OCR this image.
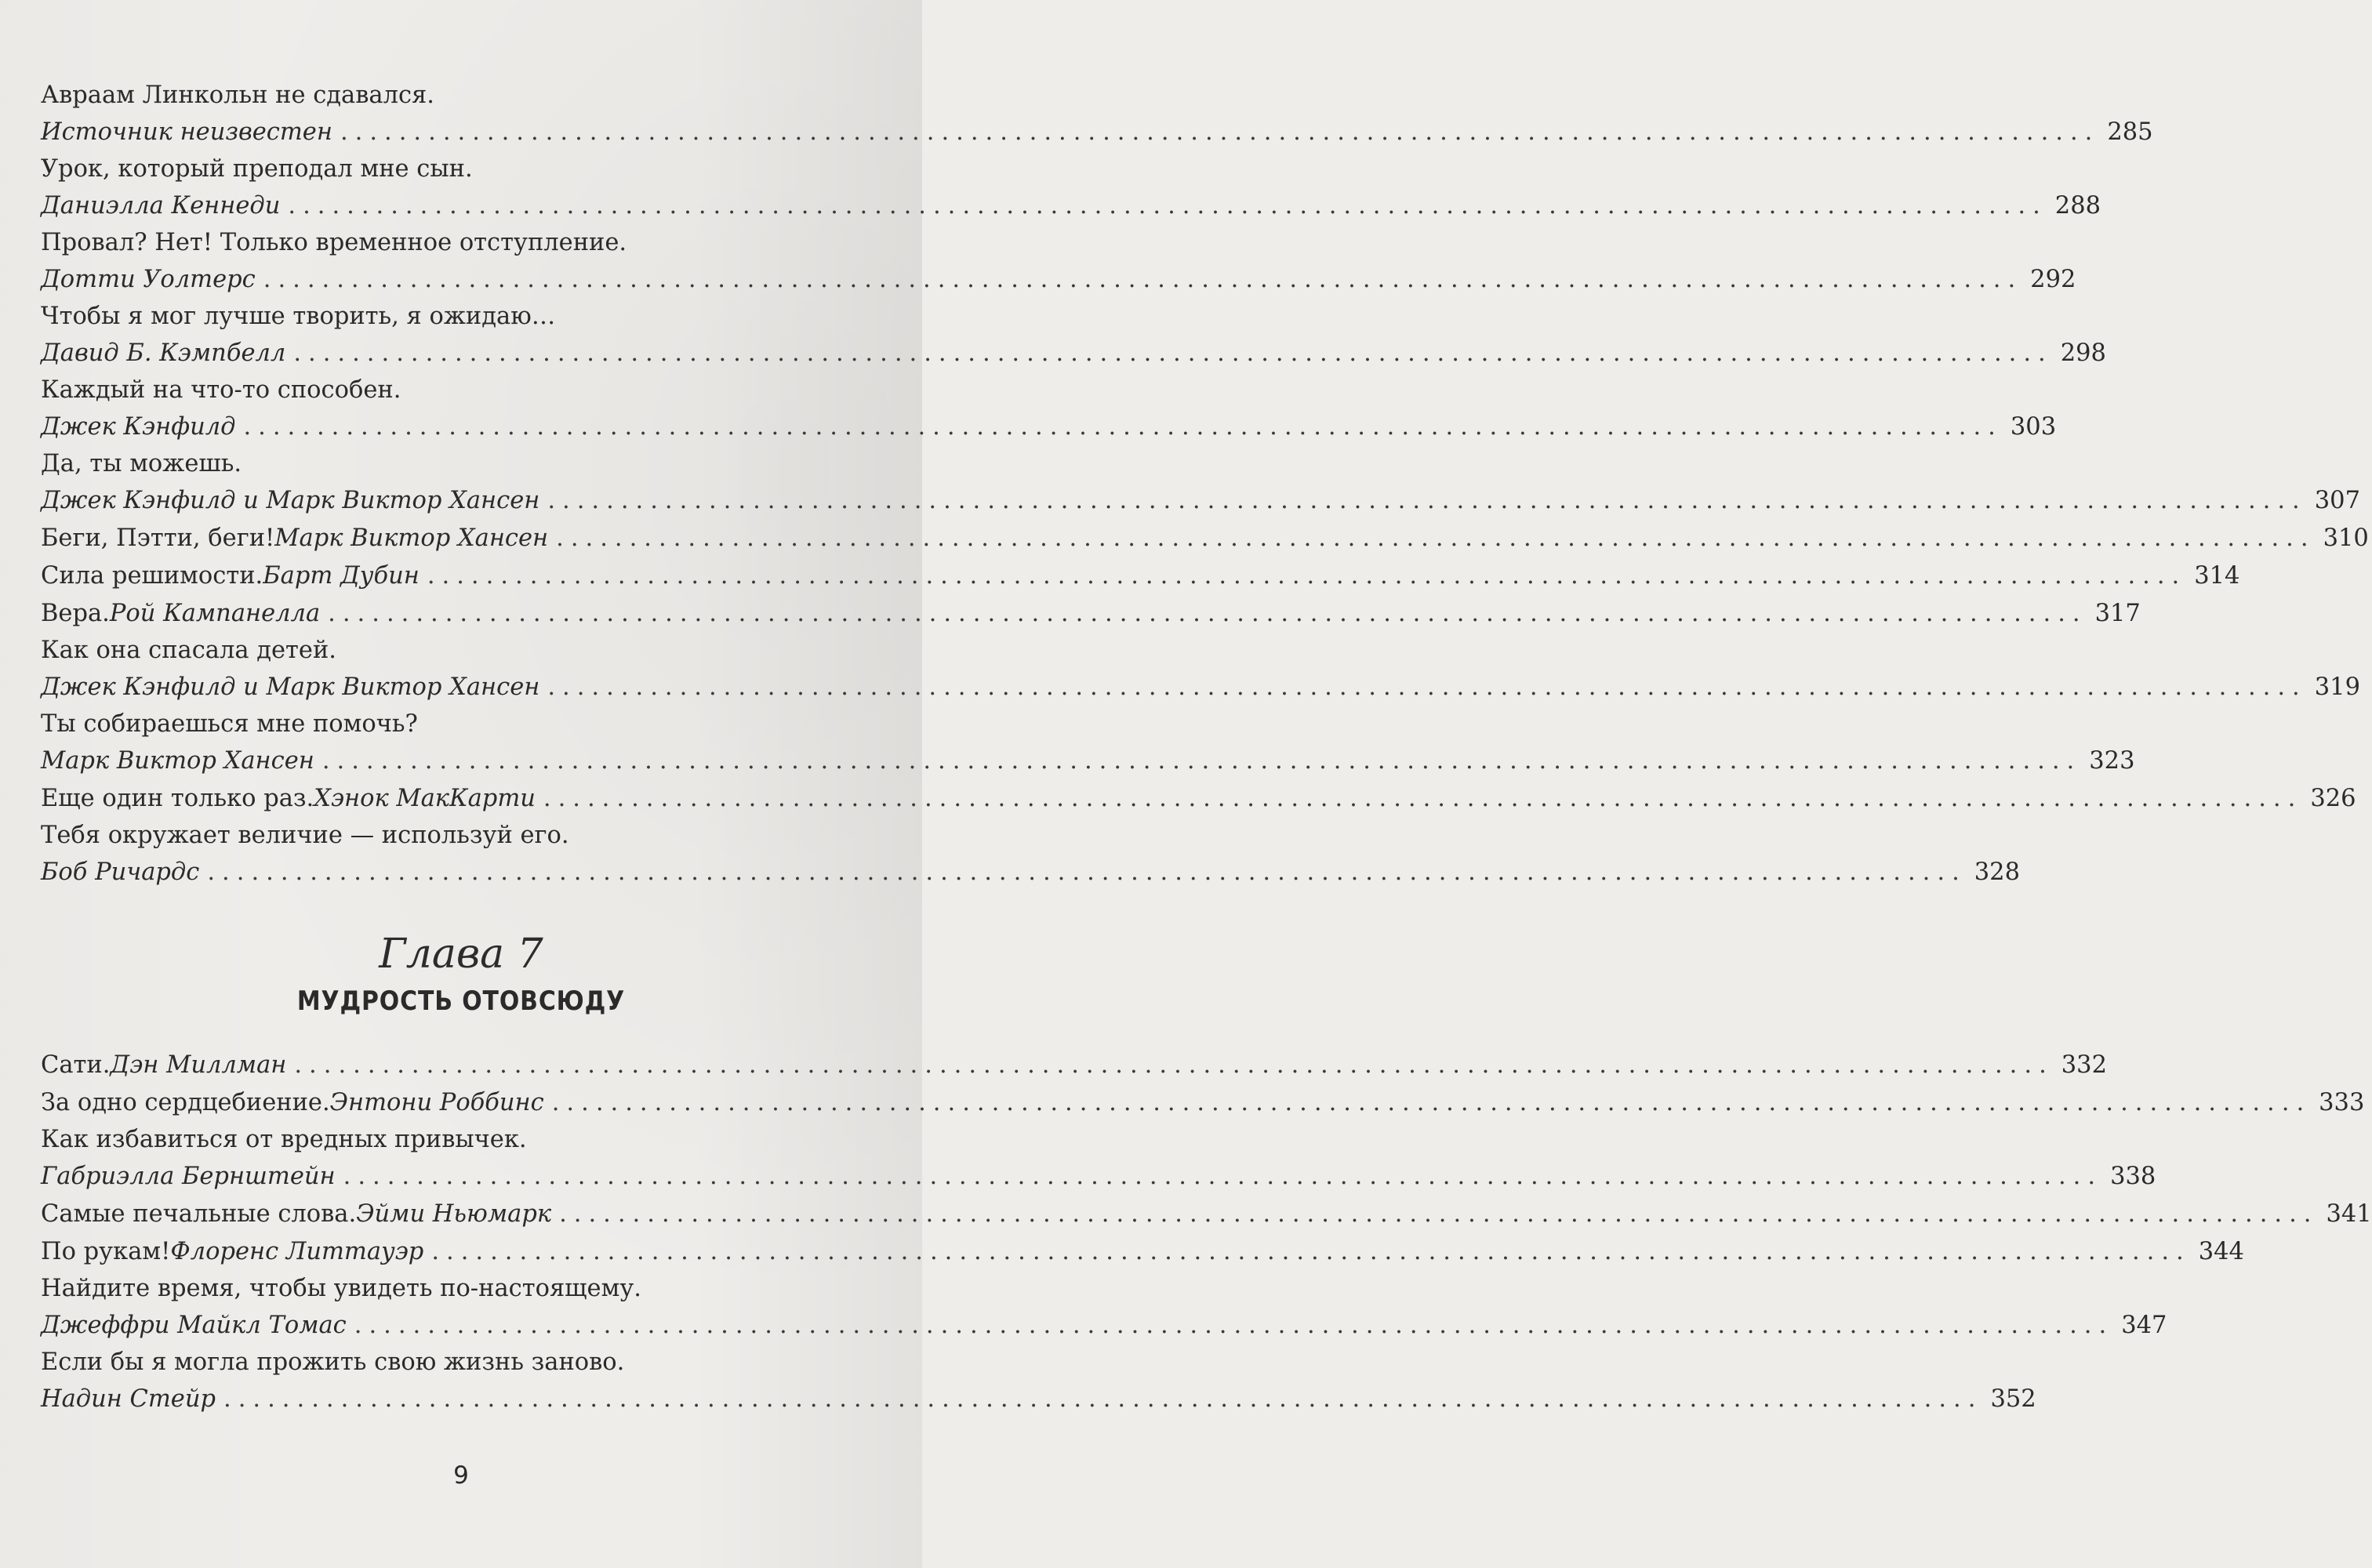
Авраам Линкольн не сдавался.
Источник неизвестен ........................................................................................................................ 285
Урок, который преподал мне сын.
Даниэлла Кеннеди ........................................................................................................................ 288
Провал? Нет! Только временное отступление.
Дотти Уолтерс ........................................................................................................................ 292
Чтобы я мог лучше творить, я ожидаю…
Давид Б. Кэмпбелл ........................................................................................................................ 298
Каждый на что-то способен.
Джек Кэнфилд ........................................................................................................................ 303
Да, ты можешь.
Джек Кэнфилд и Марк Виктор Хансен ........................................................................................................................ 307
Беги, Пэтти, беги! Марк Виктор Хансен ........................................................................................................................ 310
Сила решимости. Барт Дубин ........................................................................................................................ 314
Вера. Рой Кампанелла ........................................................................................................................ 317
Как она спасала детей.
Джек Кэнфилд и Марк Виктор Хансен ........................................................................................................................ 319
Ты собираешься мне помочь?
Марк Виктор Хансен ........................................................................................................................ 323
Еще один только раз. Хэнок МакКарти ........................................................................................................................ 326
Тебя окружает величие — используй его.
Боб Ричардс ........................................................................................................................ 328
Глава 7
МУДРОСТЬ ОТОВСЮДУ
Сати. Дэн Миллман ........................................................................................................................ 332
За одно сердцебиение. Энтони Роббинс ........................................................................................................................ 333
Как избавиться от вредных привычек.
Габриэлла Бернштейн ........................................................................................................................ 338
Самые печальные слова. Эйми Ньюмарк ........................................................................................................................ 341
По рукам! Флоренс Литтауэр ........................................................................................................................ 344
Найдите время, чтобы увидеть по-настоящему.
Джеффри Майкл Томас ........................................................................................................................ 347
Если бы я могла прожить свою жизнь заново.
Надин Стейр ........................................................................................................................ 352
9
